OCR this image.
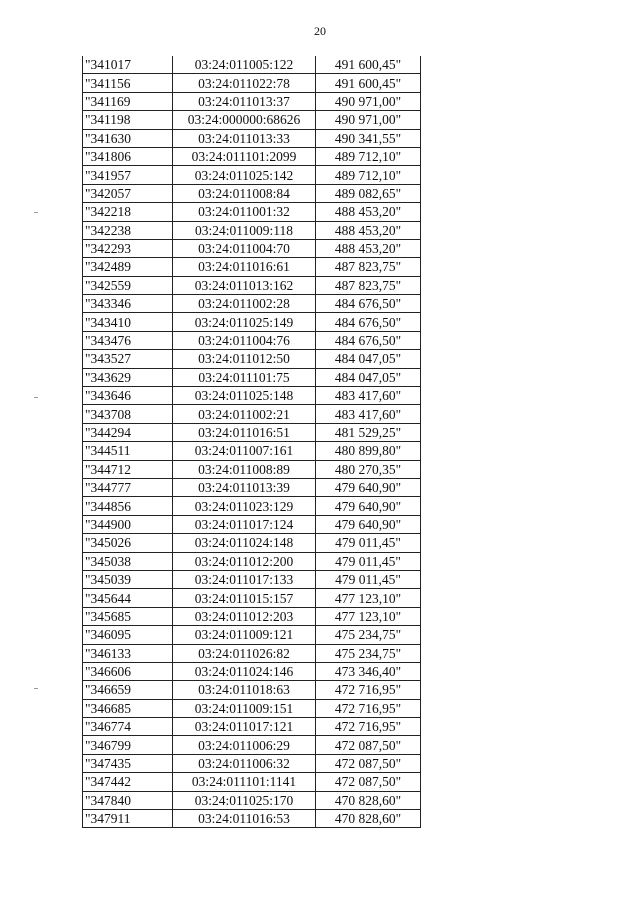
20
"341017	03:24:011005:122	491 600,45"
"341156	03:24:011022:78	491 600,45"
"341169	03:24:011013:37	490 971,00"
"341198	03:24:000000:68626	490 971,00"
"341630	03:24:011013:33	490 341,55"
"341806	03:24:011101:2099	489 712,10"
"341957	03:24:011025:142	489 712,10"
"342057	03:24:011008:84	489 082,65"
"342218	03:24:011001:32	488 453,20"
"342238	03:24:011009:118	488 453,20"
"342293	03:24:011004:70	488 453,20"
"342489	03:24:011016:61	487 823,75"
"342559	03:24:011013:162	487 823,75"
"343346	03:24:011002:28	484 676,50"
"343410	03:24:011025:149	484 676,50"
"343476	03:24:011004:76	484 676,50"
"343527	03:24:011012:50	484 047,05"
"343629	03:24:011101:75	484 047,05"
"343646	03:24:011025:148	483 417,60"
"343708	03:24:011002:21	483 417,60"
"344294	03:24:011016:51	481 529,25"
"344511	03:24:011007:161	480 899,80"
"344712	03:24:011008:89	480 270,35"
"344777	03:24:011013:39	479 640,90"
"344856	03:24:011023:129	479 640,90"
"344900	03:24:011017:124	479 640,90"
"345026	03:24:011024:148	479 011,45"
"345038	03:24:011012:200	479 011,45"
"345039	03:24:011017:133	479 011,45"
"345644	03:24:011015:157	477 123,10"
"345685	03:24:011012:203	477 123,10"
"346095	03:24:011009:121	475 234,75"
"346133	03:24:011026:82	475 234,75"
"346606	03:24:011024:146	473 346,40"
"346659	03:24:011018:63	472 716,95"
"346685	03:24:011009:151	472 716,95"
"346774	03:24:011017:121	472 716,95"
"346799	03:24:011006:29	472 087,50"
"347435	03:24:011006:32	472 087,50"
"347442	03:24:011101:1141	472 087,50"
"347840	03:24:011025:170	470 828,60"
"347911	03:24:011016:53	470 828,60"
